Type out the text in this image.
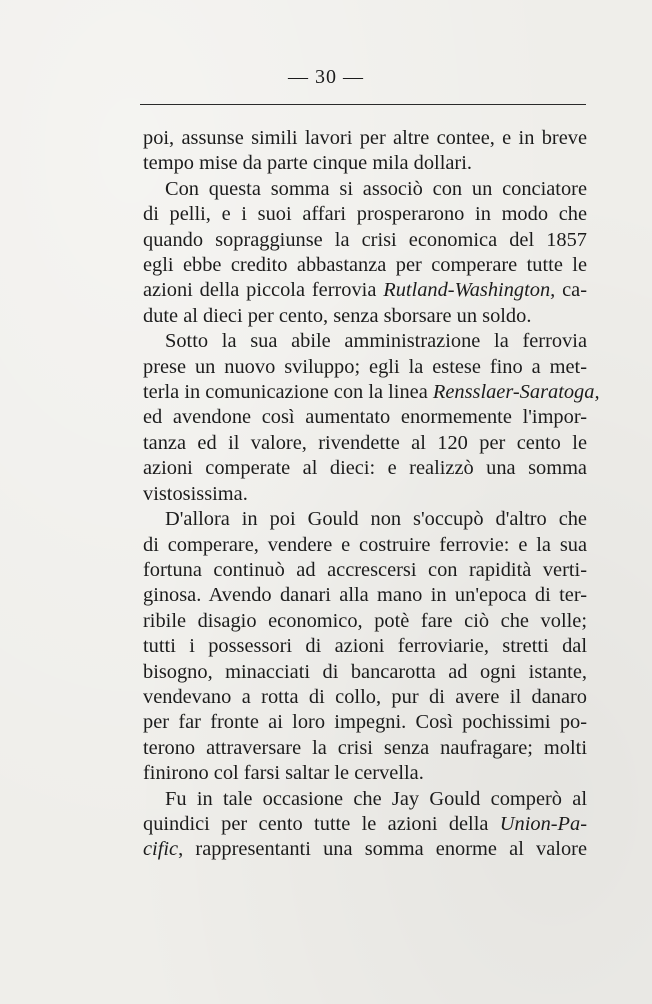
— 30 —
poi, assunse simili lavori per altre contee, e in breve
tempo mise da parte cinque mila dollari.
Con questa somma si associò con un conciatore
di pelli, e i suoi affari prosperarono in modo che
quando sopraggiunse la crisi economica del 1857
egli ebbe credito abbastanza per comperare tutte le
azioni della piccola ferrovia Rutland-Washington, ca-
dute al dieci per cento, senza sborsare un soldo.
Sotto la sua abile amministrazione la ferrovia
prese un nuovo sviluppo; egli la estese fino a met-
terla in comunicazione con la linea Rensslaer-Saratoga,
ed avendone così aumentato enormemente l'impor-
tanza ed il valore, rivendette al 120 per cento le
azioni comperate al dieci: e realizzò una somma
vistosissima.
D'allora in poi Gould non s'occupò d'altro che
di comperare, vendere e costruire ferrovie: e la sua
fortuna continuò ad accrescersi con rapidità verti-
ginosa. Avendo danari alla mano in un'epoca di ter-
ribile disagio economico, potè fare ciò che volle;
tutti i possessori di azioni ferroviarie, stretti dal
bisogno, minacciati di bancarotta ad ogni istante,
vendevano a rotta di collo, pur di avere il danaro
per far fronte ai loro impegni. Così pochissimi po-
terono attraversare la crisi senza naufragare; molti
finirono col farsi saltar le cervella.
Fu in tale occasione che Jay Gould comperò al
quindici per cento tutte le azioni della Union-Pa-
cific, rappresentanti una somma enorme al valore
